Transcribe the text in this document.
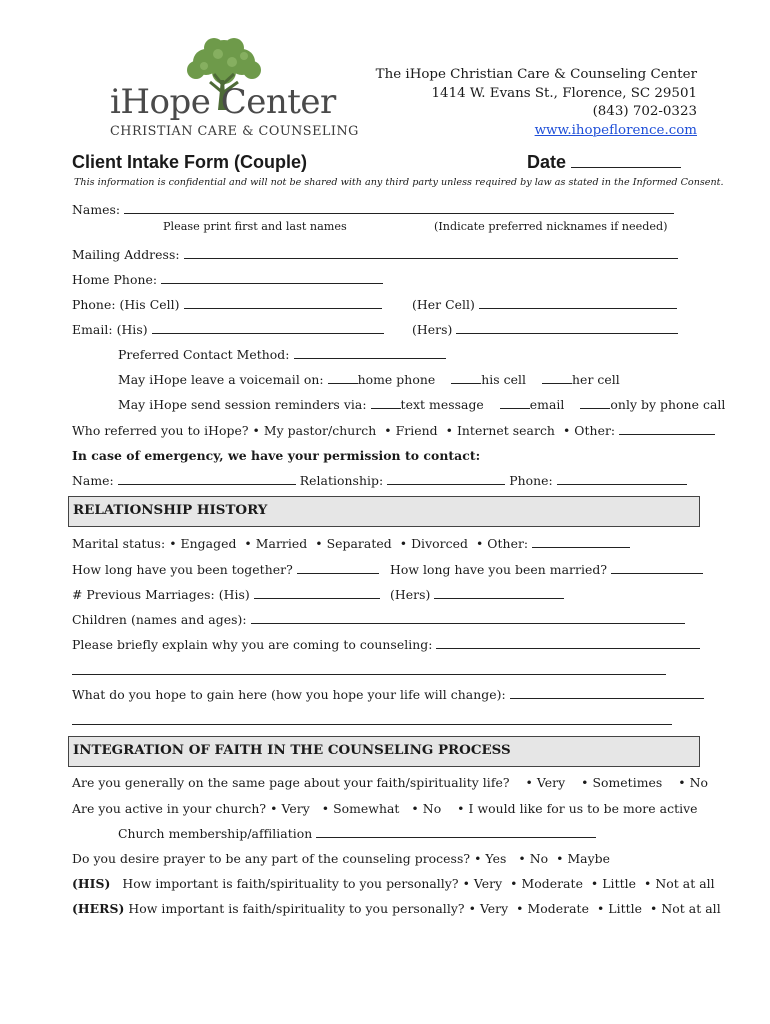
iHope Center
CHRISTIAN CARE & COUNSELING
The iHope Christian Care & Counseling Center
1414 W. Evans St., Florence, SC 29501
(843) 702-0323
www.ihopeflorence.com
Client Intake Form (Couple)	Date
This information is confidential and will not be shared with any third party unless required by law as stated in the Informed Consent.
Names:
Please print first and last names	(Indicate preferred nicknames if needed)
Mailing Address:
Home Phone:
Phone: (His Cell)	(Her Cell)
Email: (His)	(Hers)
Preferred Contact Method:
May iHope leave a voicemail on:	home phone	his cell	her cell
May iHope send session reminders via:	text message	email	only by phone call
Who referred you to iHope? • My pastor/church  • Friend  • Internet search  • Other:
In case of emergency, we have your permission to contact:
Name:	Relationship:	Phone:
RELATIONSHIP HISTORY
Marital status: • Engaged  • Married  • Separated  • Divorced  • Other:
How long have you been together?	How long have you been married?
# Previous Marriages: (His)	(Hers)
Children (names and ages):
Please briefly explain why you are coming to counseling:
What do you hope to gain here (how you hope your life will change):
INTEGRATION OF FAITH IN THE COUNSELING PROCESS
Are you generally on the same page about your faith/spirituality life?    • Very    • Sometimes    • No
Are you active in your church? • Very   • Somewhat   • No    • I would like for us to be more active
Church membership/affiliation
Do you desire prayer to be any part of the counseling process? • Yes   • No  • Maybe
(HIS) How important is faith/spirituality to you personally? • Very  • Moderate  • Little  • Not at all
(HERS) How important is faith/spirituality to you personally? • Very  • Moderate  • Little  • Not at all
